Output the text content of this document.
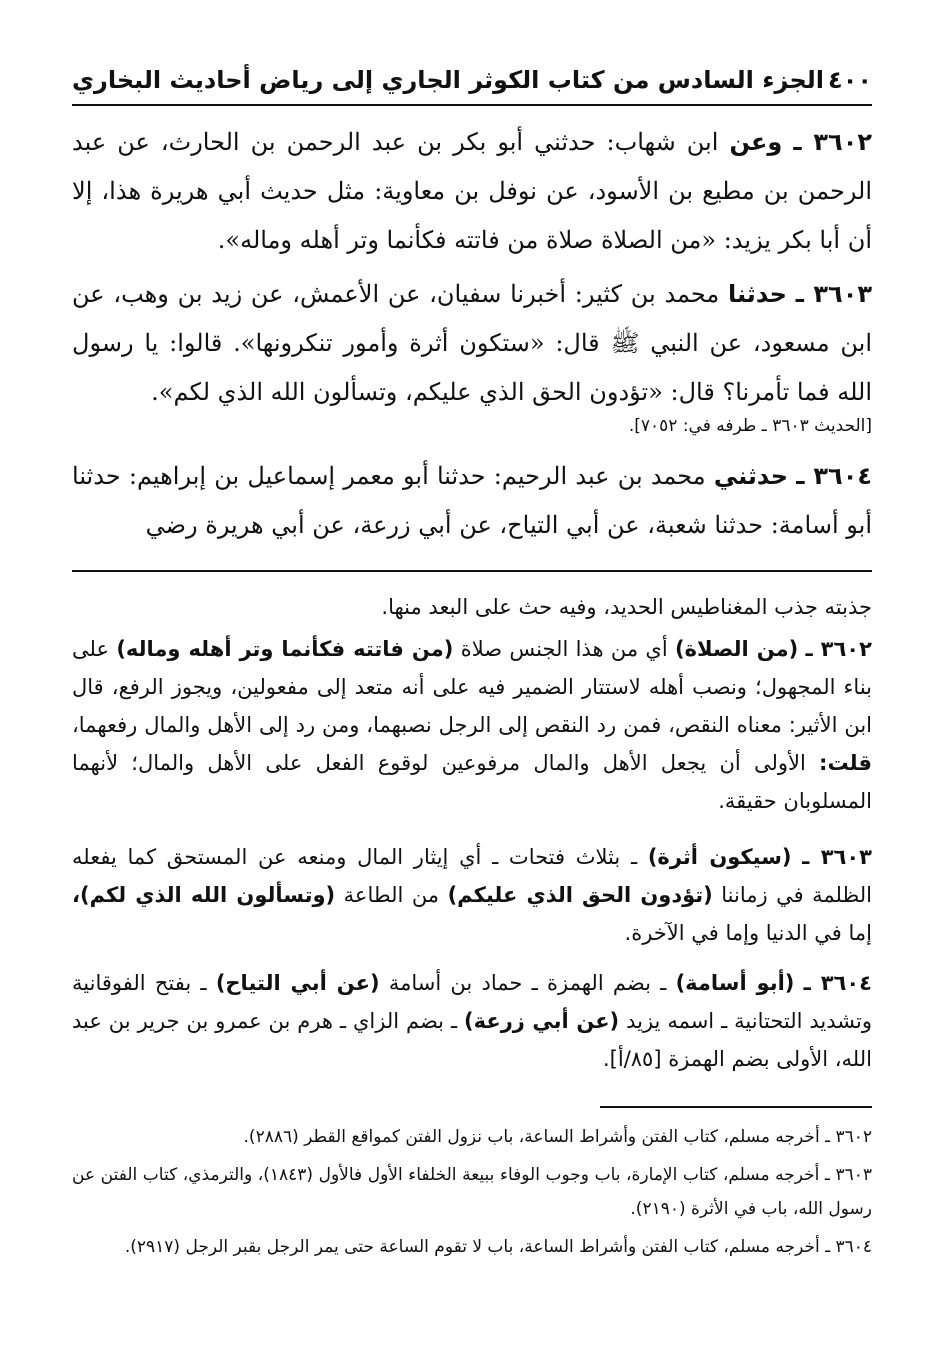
الجزء السادس من كتاب الكوثر الجاري إلى رياض أحاديث البخاري ٤٠٠
٣٦٠٢ ـ وعن ابن شهاب: حدثني أبو بكر بن عبد الرحمن بن الحارث، عن عبد الرحمن بن مطيع بن الأسود، عن نوفل بن معاوية: مثل حديث أبي هريرة هذا، إلا أن أبا بكر يزيد: «من الصلاة صلاة من فاتته فكأنما وتر أهله وماله».
٣٦٠٣ ـ حدثنا محمد بن كثير: أخبرنا سفيان، عن الأعمش، عن زيد بن وهب، عن ابن مسعود، عن النبي ﷺ قال: «ستكون أثرة وأمور تنكرونها». قالوا: يا رسول الله فما تأمرنا؟ قال: «تؤدون الحق الذي عليكم، وتسألون الله الذي لكم».
[الحديث ٣٦٠٣ ـ طرفه في: ٧٠٥٢].
٣٦٠٤ ـ حدثني محمد بن عبد الرحيم: حدثنا أبو معمر إسماعيل بن إبراهيم: حدثنا أبو أسامة: حدثنا شعبة، عن أبي التياح، عن أبي زرعة، عن أبي هريرة رضي
جذبته جذب المغناطيس الحديد، وفيه حث على البعد منها.
٣٦٠٢ ـ (من الصلاة) أي من هذا الجنس صلاة (من فاتته فكأنما وتر أهله وماله) على بناء المجهول؛ ونصب أهله لاستتار الضمير فيه على أنه متعد إلى مفعولين، ويجوز الرفع، قال ابن الأثير: معناه النقص، فمن رد النقص إلى الرجل نصبهما، ومن رد إلى الأهل والمال رفعهما، قلت: الأولى أن يجعل الأهل والمال مرفوعين لوقوع الفعل على الأهل والمال؛ لأنهما المسلوبان حقيقة.
٣٦٠٣ ـ (سيكون أثرة) ـ بثلاث فتحات ـ أي إيثار المال ومنعه عن المستحق كما يفعله الظلمة في زماننا (تؤدون الحق الذي عليكم) من الطاعة (وتسألون الله الذي لكم)، إما في الدنيا وإما في الآخرة.
٣٦٠٤ ـ (أبو أسامة) ـ بضم الهمزة ـ حماد بن أسامة (عن أبي التياح) ـ بفتح الفوقانية وتشديد التحتانية ـ اسمه يزيد (عن أبي زرعة) ـ بضم الزاي ـ هرم بن عمرو بن جرير بن عبد الله، الأولى بضم الهمزة [٨٥/أ].
٣٦٠٢ ـ أخرجه مسلم، كتاب الفتن وأشراط الساعة، باب نزول الفتن كمواقع القطر (٢٨٨٦).
٣٦٠٣ ـ أخرجه مسلم، كتاب الإمارة، باب وجوب الوفاء ببيعة الخلفاء الأول فالأول (١٨٤٣)، والترمذي، كتاب الفتن عن رسول الله، باب في الأثرة (٢١٩٠).
٣٦٠٤ ـ أخرجه مسلم، كتاب الفتن وأشراط الساعة، باب لا تقوم الساعة حتى يمر الرجل بقبر الرجل (٢٩١٧).
